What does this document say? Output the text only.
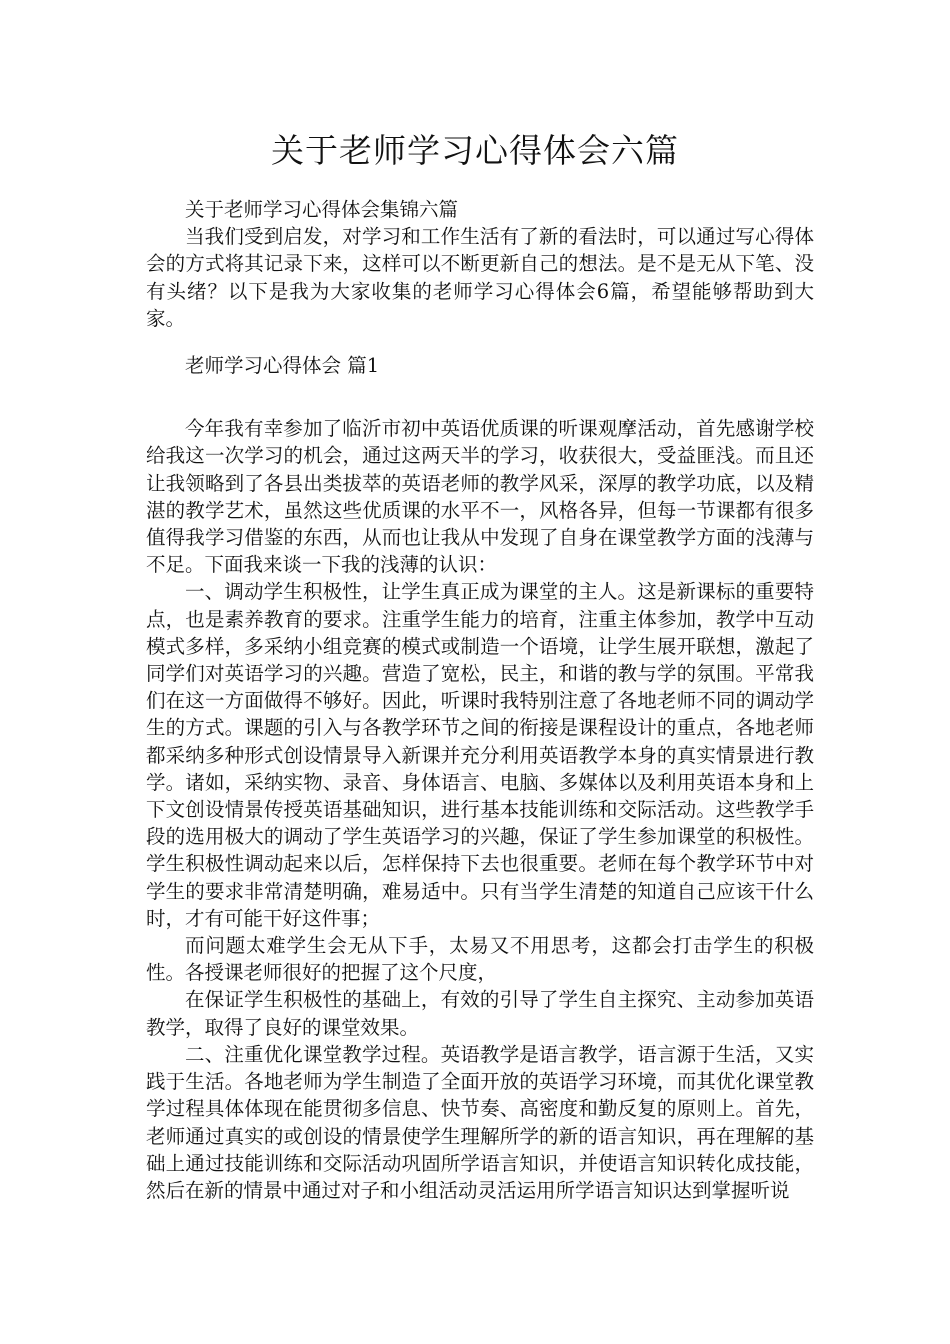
关于老师学习心得体会六篇

关于老师学习心得体会集锦六篇

当我们受到启发，对学习和工作生活有了新的看法时，可以通过写心得体会的方式将其记录下来，这样可以不断更新自己的想法。是不是无从下笔、没有头绪？以下是我为大家收集的老师学习心得体会6篇，希望能够帮助到大家。

老师学习心得体会 篇1

今年我有幸参加了临沂市初中英语优质课的听课观摩活动，首先感谢学校给我这一次学习的机会，通过这两天半的学习，收获很大，受益匪浅。而且还让我领略到了各县出类拔萃的英语老师的教学风采，深厚的教学功底，以及精湛的教学艺术，虽然这些优质课的水平不一，风格各异，但每一节课都有很多值得我学习借鉴的东西，从而也让我从中发现了自身在课堂教学方面的浅薄与不足。下面我来谈一下我的浅薄的认识：

一、调动学生积极性，让学生真正成为课堂的主人。这是新课标的重要特点，也是素养教育的要求。注重学生能力的培育，注重主体参加，教学中互动模式多样，多采纳小组竞赛的模式或制造一个语境，让学生展开联想，激起了同学们对英语学习的兴趣。营造了宽松，民主，和谐的教与学的氛围。平常我们在这一方面做得不够好。因此，听课时我特别注意了各地老师不同的调动学生的方式。课题的引入与各教学环节之间的衔接是课程设计的重点，各地老师都采纳多种形式创设情景导入新课并充分利用英语教学本身的真实情景进行教学。诸如，采纳实物、录音、身体语言、电脑、多媒体以及利用英语本身和上下文创设情景传授英语基础知识，进行基本技能训练和交际活动。这些教学手段的选用极大的调动了学生英语学习的兴趣，保证了学生参加课堂的积极性。学生积极性调动起来以后，怎样保持下去也很重要。老师在每个教学环节中对学生的要求非常清楚明确，难易适中。只有当学生清楚的知道自己应该干什么时，才有可能干好这件事；

而问题太难学生会无从下手，太易又不用思考，这都会打击学生的积极性。各授课老师很好的把握了这个尺度，

在保证学生积极性的基础上，有效的引导了学生自主探究、主动参加英语教学，取得了良好的课堂效果。

二、注重优化课堂教学过程。英语教学是语言教学，语言源于生活，又实践于生活。各地老师为学生制造了全面开放的英语学习环境，而其优化课堂教学过程具体体现在能贯彻多信息、快节奏、高密度和勤反复的原则上。首先，老师通过真实的或创设的情景使学生理解所学的新的语言知识，再在理解的基础上通过技能训练和交际活动巩固所学语言知识，并使语言知识转化成技能，然后在新的情景中通过对子和小组活动灵活运用所学语言知识达到掌握听说
